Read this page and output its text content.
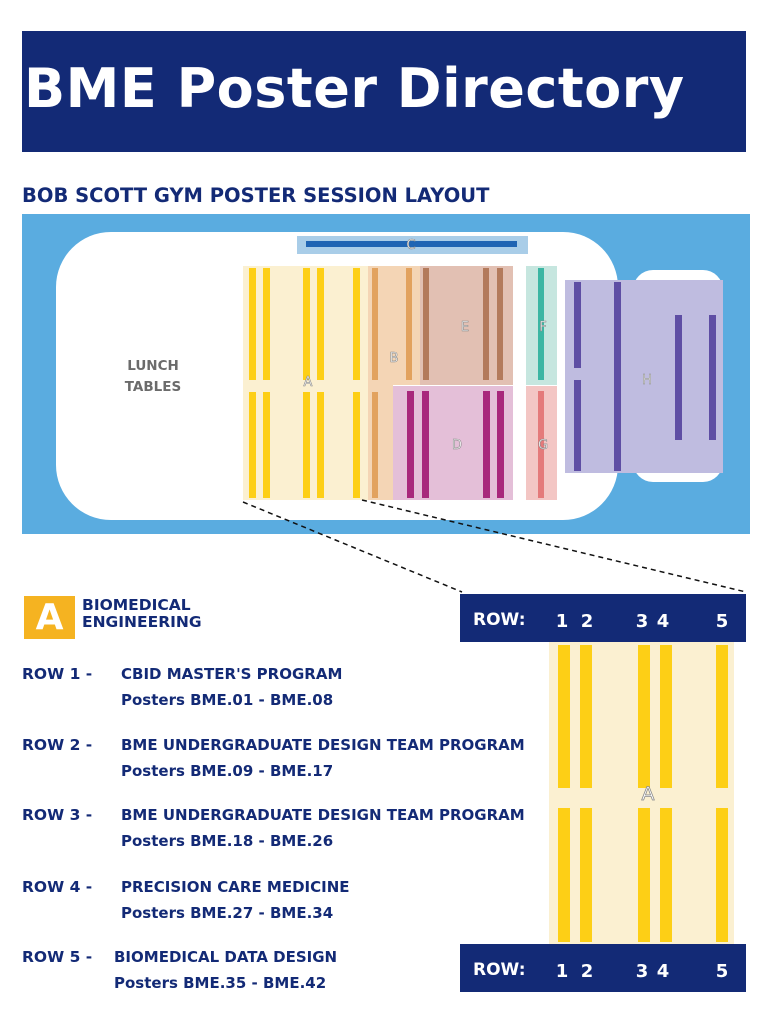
BME Poster Directory
BOB SCOTT GYM POSTER SESSION LAYOUT
A
B
C
D
E	F
G
H
LUNCH
TABLES
A
ROW: 1 2 3 4	5
ROW: 1 2 3 4	5
A	BIOMEDICAL
ENGINEERING
ROW 1 - CBID MASTER'S PROGRAM
Posters BME.01 - BME.08
ROW 2 - BME UNDERGRADUATE DESIGN TEAM PROGRAM
Posters BME.09 - BME.17
ROW 3 - BME UNDERGRADUATE DESIGN TEAM PROGRAM
Posters BME.18 - BME.26
ROW 4 - PRECISION CARE MEDICINE
Posters BME.27 - BME.34
ROW 5 - BIOMEDICAL DATA DESIGN
Posters BME.35 - BME.42
